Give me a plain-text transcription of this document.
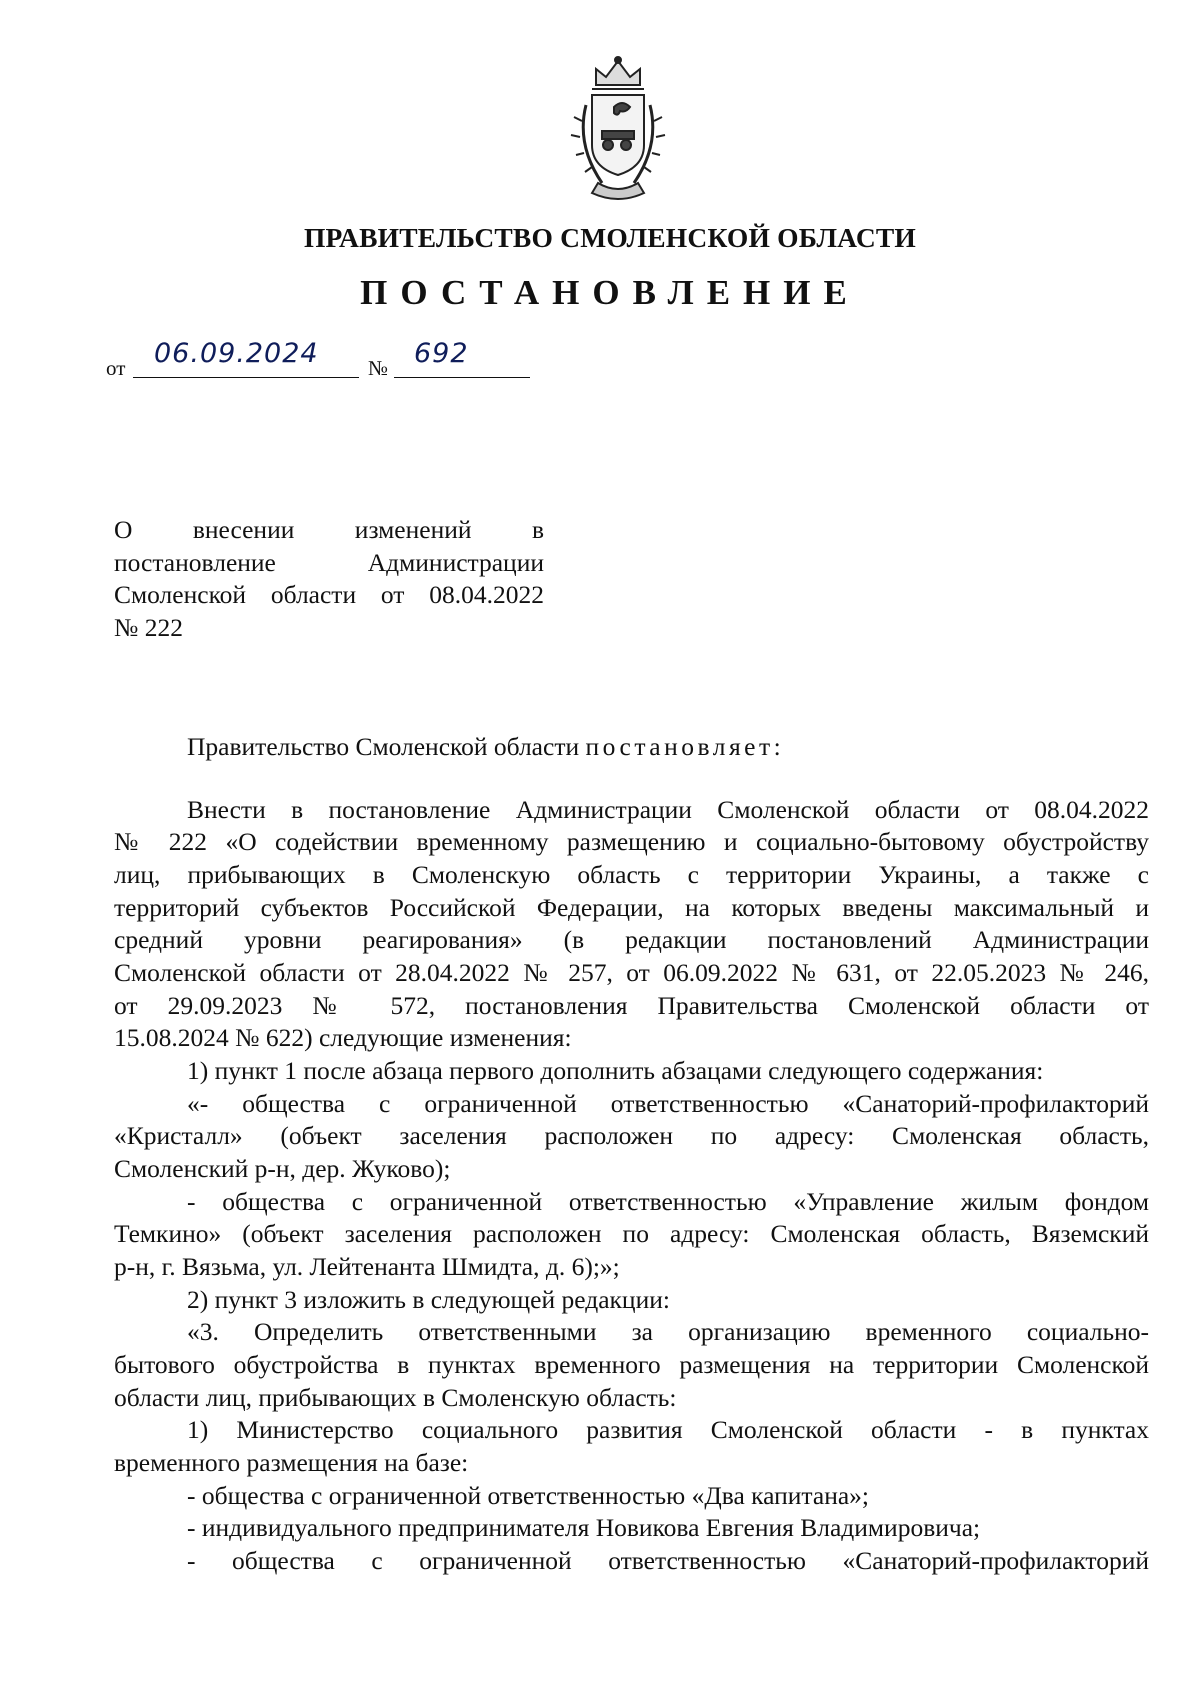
ПРАВИТЕЛЬСТВО СМОЛЕНСКОЙ ОБЛАСТИ
ПОСТАНОВЛЕНИЕ
от 06.09.2024 № 692
О внесении изменений в
постановление Администрации
Смоленской области от 08.04.2022
№ 222
Правительство Смоленской области постановляет:
Внести в постановление Администрации Смоленской области от 08.04.2022
№ 222 «О содействии временному размещению и социально-бытовому обустройству
лиц, прибывающих в Смоленскую область с территории Украины, а также с
территорий субъектов Российской Федерации, на которых введены максимальный и
средний уровни реагирования» (в редакции постановлений Администрации
Смоленской области от 28.04.2022 № 257, от 06.09.2022 № 631, от 22.05.2023 № 246,
от 29.09.2023 № 572, постановления Правительства Смоленской области от
15.08.2024 № 622) следующие изменения:
1) пункт 1 после абзаца первого дополнить абзацами следующего содержания:
«- общества с ограниченной ответственностью «Санаторий-профилакторий
«Кристалл» (объект заселения расположен по адресу: Смоленская область,
Смоленский р-н, дер. Жуково);
- общества с ограниченной ответственностью «Управление жилым фондом
Темкино» (объект заселения расположен по адресу: Смоленская область, Вяземский
р-н, г. Вязьма, ул. Лейтенанта Шмидта, д. 6);»;
2) пункт 3 изложить в следующей редакции:
«3. Определить ответственными за организацию временного социально-
бытового обустройства в пунктах временного размещения на территории Смоленской
области лиц, прибывающих в Смоленскую область:
1) Министерство социального развития Смоленской области - в пунктах
временного размещения на базе:
- общества с ограниченной ответственностью «Два капитана»;
- индивидуального предпринимателя Новикова Евгения Владимировича;
- общества с ограниченной ответственностью «Санаторий-профилакторий
